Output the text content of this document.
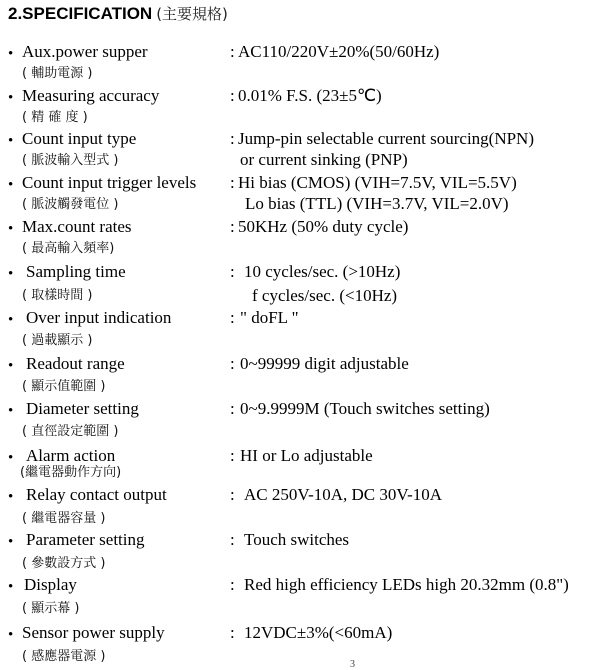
2.SPECIFICATION (主要規格)
• Aux.power supper
( 輔助電源 )
: AC110/220V±20%(50/60Hz)
• Measuring accuracy
( 精 確 度 )
: 0.01% F.S. (23±5℃)
• Count input type
( 脈波輸入型式 )
: Jump-pin selectable current sourcing(NPN)
or current sinking (PNP)
• Count input trigger levels
( 脈波觸發電位 )
: Hi bias (CMOS) (VIH=7.5V, VIL=5.5V)
Lo bias (TTL) (VIH=3.7V, VIL=2.0V)
• Max.count rates
( 最高輸入頻率)
: 50KHz (50% duty cycle)
• Sampling time
( 取樣時間 )
: 10 cycles/sec. (>10Hz)
f cycles/sec. (<10Hz)
• Over input indication
( 過載顯示 )
: " doFL "
• Readout range
( 顯示值範圍 )
: 0~99999 digit adjustable
• Diameter setting
( 直徑設定範圍 )
: 0~9.9999M (Touch switches setting)
• Alarm action
(繼電器動作方向)
: HI or Lo adjustable
• Relay contact output
( 繼電器容量 )
: AC 250V-10A, DC 30V-10A
• Parameter setting
( 參數設方式 )
: Touch switches
• Display
( 顯示幕 )
: Red high efficiency LEDs high 20.32mm (0.8")
• Sensor power supply
( 感應器電源 )
: 12VDC±3%(<60mA)
3
